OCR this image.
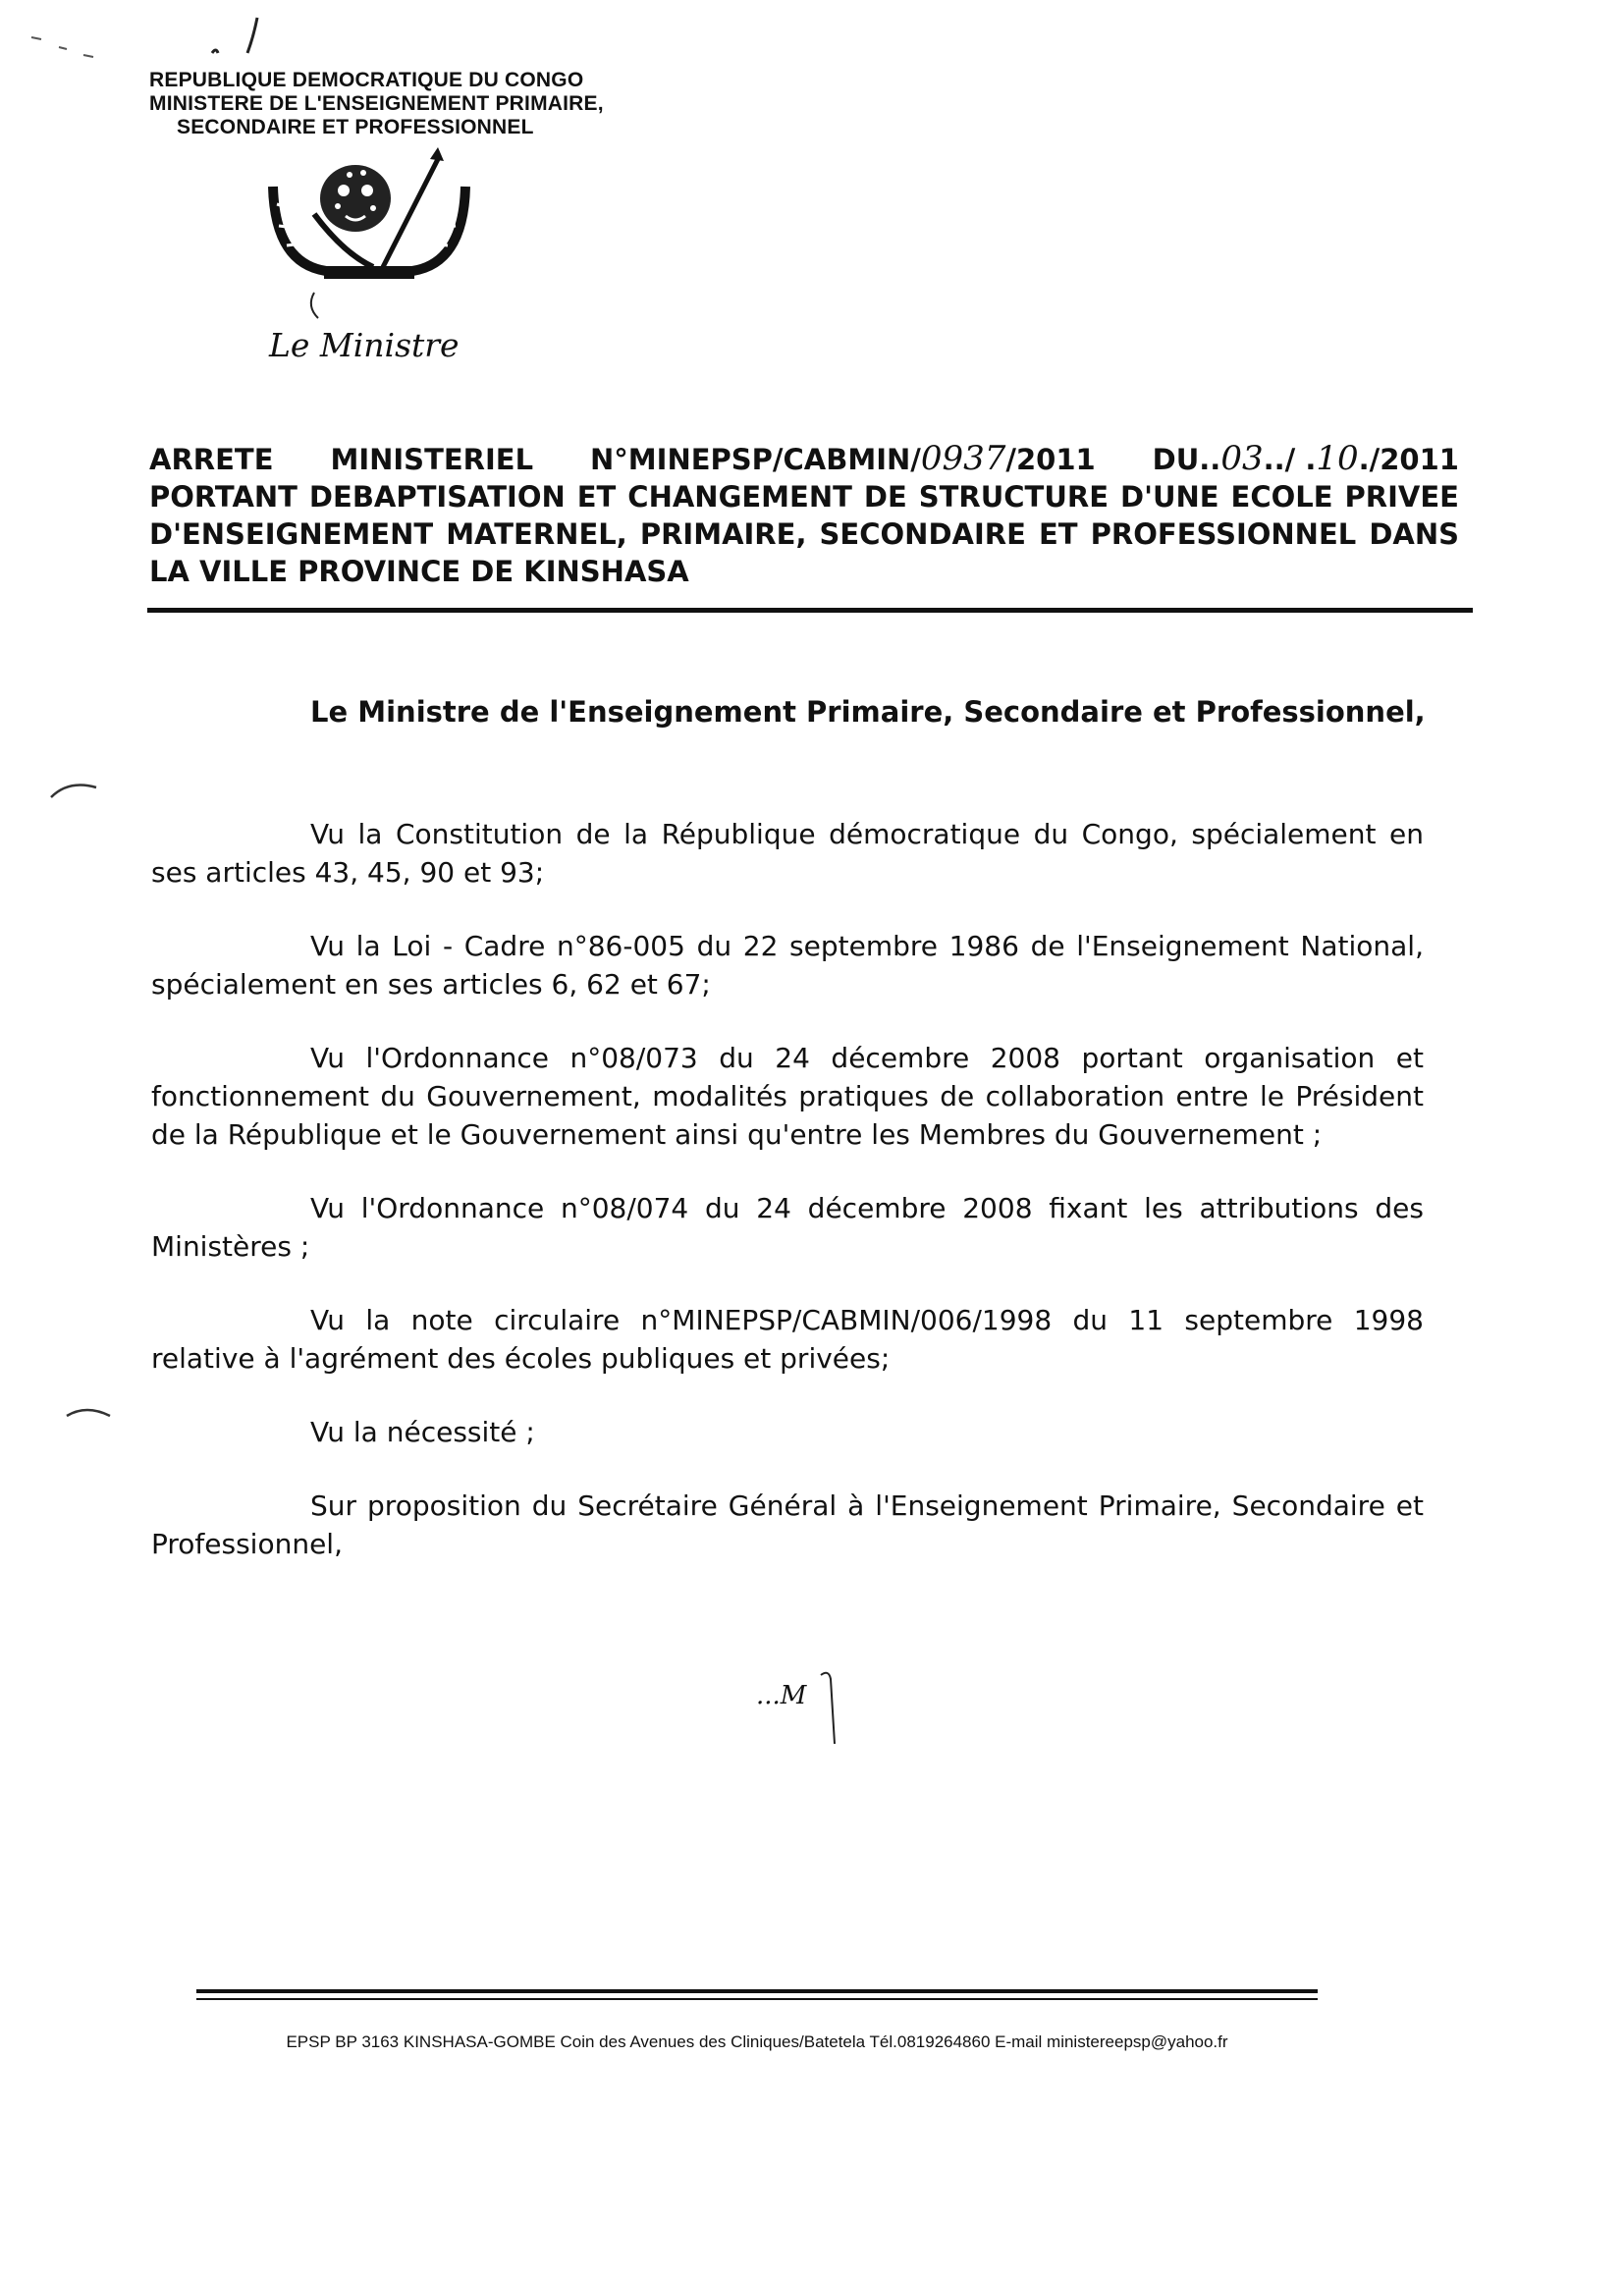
REPUBLIQUE DEMOCRATIQUE DU CONGO
MINISTERE DE L'ENSEIGNEMENT PRIMAIRE,
SECONDAIRE ET PROFESSIONNEL
Le Ministre
ARRETE MINISTERIEL N°MINEPSP/CABMIN/0937/2011 DU..03../ .10./2011
PORTANT DEBAPTISATION ET CHANGEMENT DE STRUCTURE D'UNE ECOLE PRIVEE
D'ENSEIGNEMENT MATERNEL, PRIMAIRE, SECONDAIRE ET PROFESSIONNEL DANS
LA VILLE PROVINCE DE KINSHASA
Le Ministre de l'Enseignement Primaire, Secondaire et Professionnel,

Vu la Constitution de la République démocratique du Congo, spécialement en ses articles 43, 45, 90 et 93;

Vu la Loi - Cadre n°86-005 du 22 septembre 1986 de l'Enseignement National, spécialement en ses articles 6, 62 et 67;

Vu l'Ordonnance n°08/073 du 24 décembre 2008 portant organisation et fonctionnement du Gouvernement, modalités pratiques de collaboration entre le Président de la République et le Gouvernement ainsi qu'entre les Membres du Gouvernement ;

Vu l'Ordonnance n°08/074 du 24 décembre 2008 fixant les attributions des Ministères ;

Vu la note circulaire n°MINEPSP/CABMIN/006/1998 du 11 septembre 1998 relative à l'agrément des écoles publiques et privées;

Vu la nécessité ;

Sur proposition du Secrétaire Général à l'Enseignement Primaire, Secondaire et Professionnel,

...M
EPSP BP 3163 KINSHASA-GOMBE Coin des Avenues des Cliniques/Batetela Tél.0819264860 E-mail ministereepsp@yahoo.fr
